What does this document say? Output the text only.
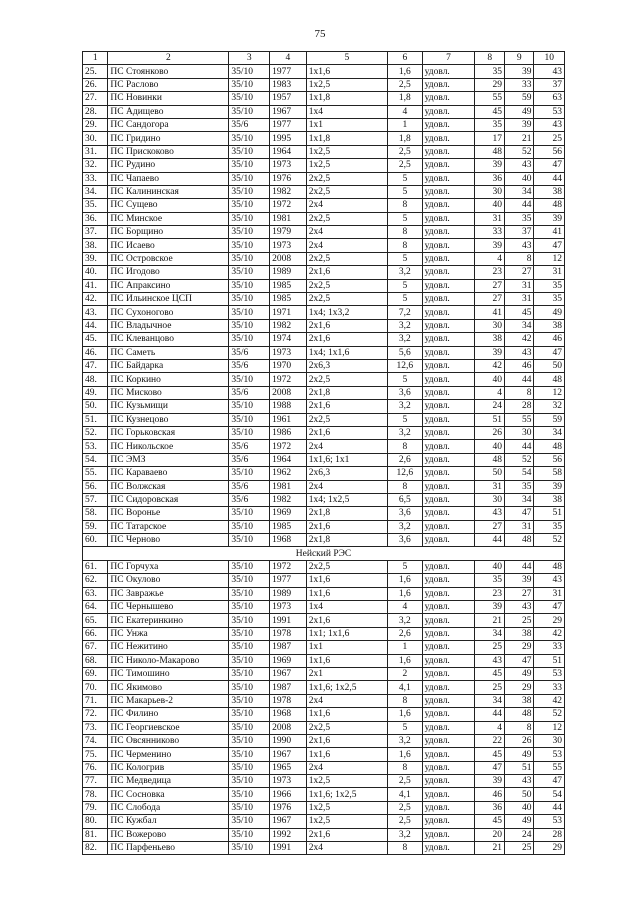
75
1	2	3	4	5	6	7	8	9	10
25.	ПС Стоянково	35/10	1977	1х1,6	1,6	удовл.	35	39	43
26.	ПС Раслово	35/10	1983	1х2,5	2,5	удовл.	29	33	37
27.	ПС Новинки	35/10	1957	1х1,8	1,8	удовл.	55	59	63
28.	ПС Адищево	35/10	1967	1х4	4	удовл.	45	49	53
29.	ПС Сандогора	35/6	1977	1х1	1	удовл.	35	39	43
30.	ПС Гридино	35/10	1995	1х1,8	1,8	удовл.	17	21	25
31.	ПС Прискоково	35/10	1964	1х2,5	2,5	удовл.	48	52	56
32.	ПС Рудино	35/10	1973	1х2,5	2,5	удовл.	39	43	47
33.	ПС Чапаево	35/10	1976	2х2,5	5	удовл.	36	40	44
34.	ПС Калининская	35/10	1982	2х2,5	5	удовл.	30	34	38
35.	ПС Сущево	35/10	1972	2х4	8	удовл.	40	44	48
36.	ПС Минское	35/10	1981	2х2,5	5	удовл.	31	35	39
37.	ПС Борщино	35/10	1979	2х4	8	удовл.	33	37	41
38.	ПС Исаево	35/10	1973	2х4	8	удовл.	39	43	47
39.	ПС Островское	35/10	2008	2х2,5	5	удовл.	4	8	12
40.	ПС Игодово	35/10	1989	2х1,6	3,2	удовл.	23	27	31
41.	ПС Апраксино	35/10	1985	2х2,5	5	удовл.	27	31	35
42.	ПС Ильинское ЦСП	35/10	1985	2х2,5	5	удовл.	27	31	35
43.	ПС Сухоногово	35/10	1971	1х4; 1х3,2	7,2	удовл.	41	45	49
44.	ПС Владычное	35/10	1982	2х1,6	3,2	удовл.	30	34	38
45.	ПС Клеванцово	35/10	1974	2х1,6	3,2	удовл.	38	42	46
46.	ПС Саметь	35/6	1973	1х4; 1х1,6	5,6	удовл.	39	43	47
47.	ПС Байдарка	35/6	1970	2х6,3	12,6	удовл.	42	46	50
48.	ПС Коркино	35/10	1972	2х2,5	5	удовл.	40	44	48
49.	ПС Мисково	35/6	2008	2х1,8	3,6	удовл.	4	8	12
50.	ПС Кузьмищи	35/10	1988	2х1,6	3,2	удовл.	24	28	32
51.	ПС Кузнецово	35/10	1961	2х2,5	5	удовл.	51	55	59
52.	ПС Горьковская	35/10	1986	2х1,6	3,2	удовл.	26	30	34
53.	ПС Никольское	35/6	1972	2х4	8	удовл.	40	44	48
54.	ПС ЭМЗ	35/6	1964	1х1,6; 1х1	2,6	удовл.	48	52	56
55.	ПС Караваево	35/10	1962	2х6,3	12,6	удовл.	50	54	58
56.	ПС Волжская	35/6	1981	2х4	8	удовл.	31	35	39
57.	ПС Сидоровская	35/6	1982	1х4; 1х2,5	6,5	удовл.	30	34	38
58.	ПС Воронье	35/10	1969	2х1,8	3,6	удовл.	43	47	51
59.	ПС Татарское	35/10	1985	2х1,6	3,2	удовл.	27	31	35
60.	ПС Черново	35/10	1968	2х1,8	3,6	удовл.	44	48	52
Нейский РЭС									
61.	ПС Горчуха	35/10	1972	2х2,5	5	удовл.	40	44	48
62.	ПС Окулово	35/10	1977	1х1,6	1,6	удовл.	35	39	43
63.	ПС Завражье	35/10	1989	1х1,6	1,6	удовл.	23	27	31
64.	ПС Чернышево	35/10	1973	1х4	4	удовл.	39	43	47
65.	ПС Екатеринкино	35/10	1991	2х1,6	3,2	удовл.	21	25	29
66.	ПС Унжа	35/10	1978	1х1; 1х1,6	2,6	удовл.	34	38	42
67.	ПС Нежитино	35/10	1987	1х1	1	удовл.	25	29	33
68.	ПС Николо-Макарово	35/10	1969	1х1,6	1,6	удовл.	43	47	51
69.	ПС Тимошино	35/10	1967	2х1	2	удовл.	45	49	53
70.	ПС Якимово	35/10	1987	1х1,6; 1х2,5	4,1	удовл.	25	29	33
71.	ПС Макарьев-2	35/10	1978	2х4	8	удовл.	34	38	42
72.	ПС Филино	35/10	1968	1х1,6	1,6	удовл.	44	48	52
73.	ПС Георгиевское	35/10	2008	2х2,5	5	удовл.	4	8	12
74.	ПС Овсянниково	35/10	1990	2х1,6	3,2	удовл.	22	26	30
75.	ПС Черменино	35/10	1967	1х1,6	1,6	удовл.	45	49	53
76.	ПС Кологрив	35/10	1965	2х4	8	удовл.	47	51	55
77.	ПС Медведица	35/10	1973	1х2,5	2,5	удовл.	39	43	47
78.	ПС Сосновка	35/10	1966	1х1,6; 1х2,5	4,1	удовл.	46	50	54
79.	ПС Слобода	35/10	1976	1х2,5	2,5	удовл.	36	40	44
80.	ПС Кужбал	35/10	1967	1х2,5	2,5	удовл.	45	49	53
81.	ПС Вожерово	35/10	1992	2х1,6	3,2	удовл.	20	24	28
82.	ПС Парфеньево	35/10	1991	2х4	8	удовл.	21	25	29
